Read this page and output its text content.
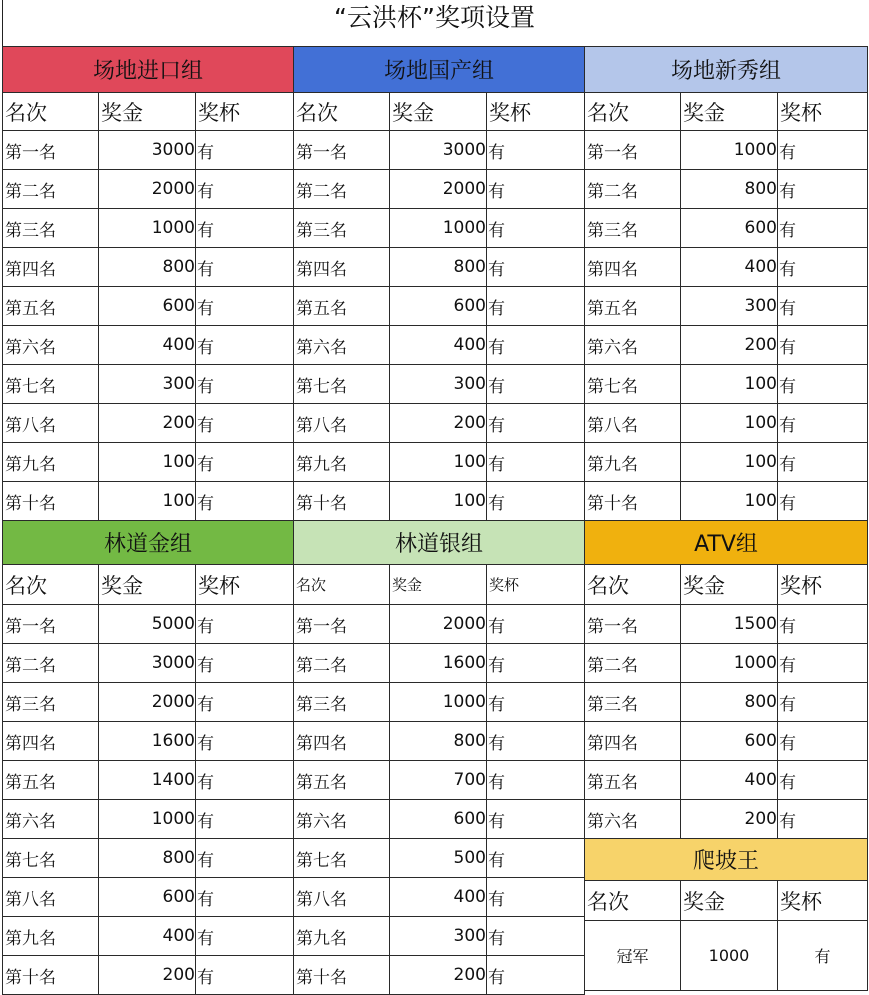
“云洪杯”奖项设置
场地进口组		
名次	奖金	奖杯
第一名	3000	有
第二名	2000	有
第三名	1000	有
第四名	800	有
第五名	600	有
第六名	400	有
第七名	300	有
第八名	200	有
第九名	100	有
第十名	100	有
场地国产组		
名次	奖金	奖杯
第一名	3000	有
第二名	2000	有
第三名	1000	有
第四名	800	有
第五名	600	有
第六名	400	有
第七名	300	有
第八名	200	有
第九名	100	有
第十名	100	有
场地新秀组		
名次	奖金	奖杯
第一名	1000	有
第二名	800	有
第三名	600	有
第四名	400	有
第五名	300	有
第六名	200	有
第七名	100	有
第八名	100	有
第九名	100	有
第十名	100	有
林道金组		
名次	奖金	奖杯
第一名	5000	有
第二名	3000	有
第三名	2000	有
第四名	1600	有
第五名	1400	有
第六名	1000	有
第七名	800	有
第八名	600	有
第九名	400	有
第十名	200	有
林道银组		
名次	奖金	奖杯
第一名	2000	有
第二名	1600	有
第三名	1000	有
第四名	800	有
第五名	700	有
第六名	600	有
第七名	500	有
第八名	400	有
第九名	300	有
第十名	200	有
ATV组		
名次	奖金	奖杯
第一名	1500	有
第二名	1000	有
第三名	800	有
第四名	600	有
第五名	400	有
第六名	200	有
爬坡王		
名次	奖金	奖杯
冠军	1000	有
